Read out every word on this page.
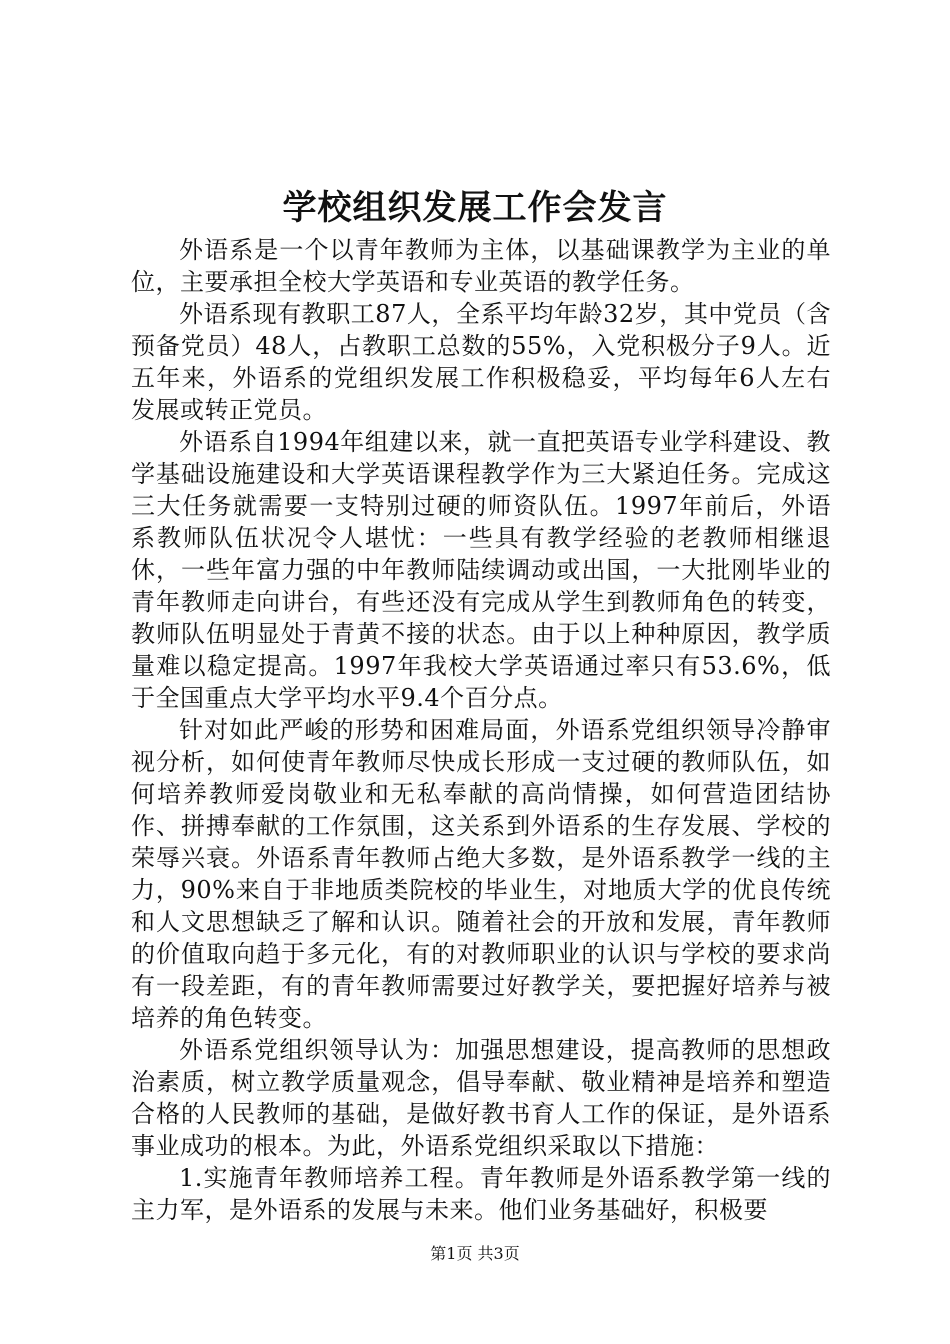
学校组织发展工作会发言

外语系是一个以青年教师为主体，以基础课教学为主业的单位，主要承担全校大学英语和专业英语的教学任务。

外语系现有教职工87人，全系平均年龄32岁，其中党员（含预备党员）48人，占教职工总数的55%，入党积极分子9人。近五年来，外语系的党组织发展工作积极稳妥，平均每年6人左右发展或转正党员。

外语系自1994年组建以来，就一直把英语专业学科建设、教学基础设施建设和大学英语课程教学作为三大紧迫任务。完成这三大任务就需要一支特别过硬的师资队伍。1997年前后，外语系教师队伍状况令人堪忧：一些具有教学经验的老教师相继退休，一些年富力强的中年教师陆续调动或出国，一大批刚毕业的青年教师走向讲台，有些还没有完成从学生到教师角色的转变，教师队伍明显处于青黄不接的状态。由于以上种种原因，教学质量难以稳定提高。1997年我校大学英语通过率只有53.6%，低于全国重点大学平均水平9.4个百分点。

针对如此严峻的形势和困难局面，外语系党组织领导冷静审视分析，如何使青年教师尽快成长形成一支过硬的教师队伍，如何培养教师爱岗敬业和无私奉献的高尚情操，如何营造团结协作、拼搏奉献的工作氛围，这关系到外语系的生存发展、学校的荣辱兴衰。外语系青年教师占绝大多数，是外语系教学一线的主力，90%来自于非地质类院校的毕业生，对地质大学的优良传统和人文思想缺乏了解和认识。随着社会的开放和发展，青年教师的价值取向趋于多元化，有的对教师职业的认识与学校的要求尚有一段差距，有的青年教师需要过好教学关，要把握好培养与被培养的角色转变。

外语系党组织领导认为：加强思想建设，提高教师的思想政治素质，树立教学质量观念，倡导奉献、敬业精神是培养和塑造合格的人民教师的基础，是做好教书育人工作的保证，是外语系事业成功的根本。为此，外语系党组织采取以下措施：

1.实施青年教师培养工程。青年教师是外语系教学第一线的主力军，是外语系的发展与未来。他们业务基础好，积极要

第1页 共3页
